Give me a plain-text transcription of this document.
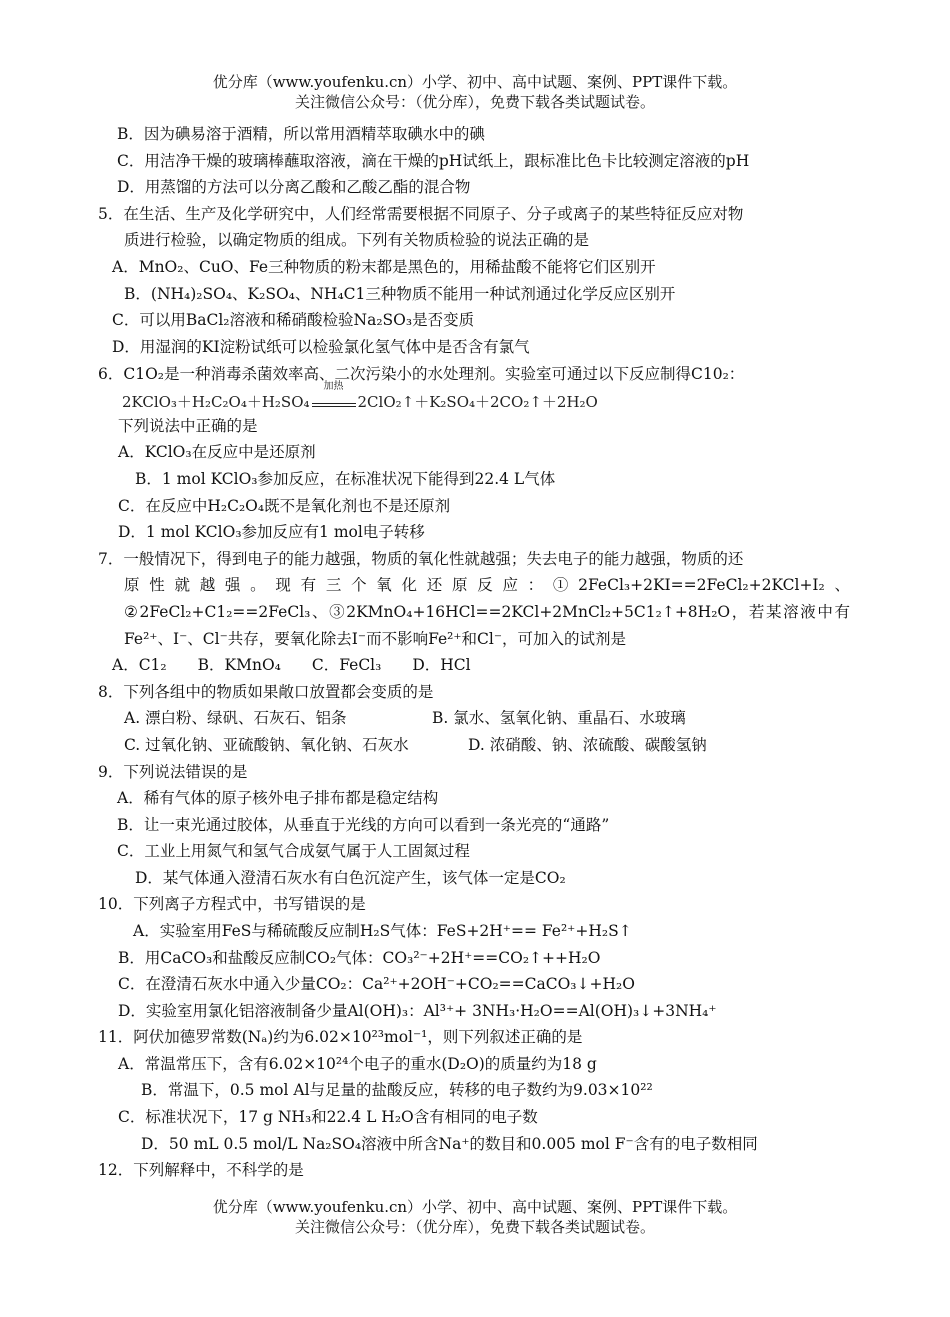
优分库（www.youfenku.cn）小学、初中、高中试题、案例、PPT课件下载。
关注微信公众号：（优分库），免费下载各类试题试卷。
B．因为碘易溶于酒精，所以常用酒精萃取碘水中的碘
C．用洁净干燥的玻璃棒蘸取溶液，滴在干燥的pH试纸上，跟标准比色卡比较测定溶液的pH
D．用蒸馏的方法可以分离乙酸和乙酸乙酯的混合物
5．在生活、生产及化学研究中，人们经常需要根据不同原子、分子或离子的某些特征反应对物
质进行检验，以确定物质的组成。下列有关物质检验的说法正确的是
A．MnO₂、CuO、Fe三种物质的粉末都是黑色的，用稀盐酸不能将它们区别开
B．(NH₄)₂SO₄、K₂SO₄、NH₄C1三种物质不能用一种试剂通过化学反应区别开
C．可以用BaCl₂溶液和稀硝酸检验Na₂SO₃是否变质
D．用湿润的KI淀粉试纸可以检验氯化氢气体中是否含有氯气
6．C1O₂是一种消毒杀菌效率高、二次污染小的水处理剂。实验室可通过以下反应制得C10₂：
2KClO₃＋H₂C₂O₄＋H₂SO₄
加热
2ClO₂↑＋K₂SO₄＋2CO₂↑＋2H₂O
下列说法中正确的是
A．KClO₃在反应中是还原剂
B．1 mol KClO₃参加反应，在标准状况下能得到22.4 L气体
C．在反应中H₂C₂O₄既不是氧化剂也不是还原剂
D．1 mol KClO₃参加反应有1 mol电子转移
7．一般情况下，得到电子的能力越强，物质的氧化性就越强；失去电子的能力越强，物质的还
原性就越强。现有三个氧化还原反应：①2FeCl₃+2KI==2FeCl₂+2KCl+I₂、
②2FeCl₂+C1₂==2FeCl₃、③2KMnO₄+16HCl==2KCl+2MnCl₂+5C1₂↑+8H₂O，若某溶液中有
Fe²⁺、I⁻、Cl⁻共存，要氧化除去I⁻而不影响Fe²⁺和Cl⁻，可加入的试剂是
A．C1₂　　B．KMnO₄　　C．FeCl₃　　D．HCl
8．下列各组中的物质如果敞口放置都会变质的是
A. 漂白粉、绿矾、石灰石、铝条	B. 氯水、氢氧化钠、重晶石、水玻璃
C. 过氧化钠、亚硫酸钠、氧化钠、石灰水	D. 浓硝酸、钠、浓硫酸、碳酸氢钠
9．下列说法错误的是
A．稀有气体的原子核外电子排布都是稳定结构
B．让一束光通过胶体，从垂直于光线的方向可以看到一条光亮的“通路”
C．工业上用氮气和氢气合成氨气属于人工固氮过程
D．某气体通入澄清石灰水有白色沉淀产生，该气体一定是CO₂
10．下列离子方程式中，书写错误的是
A．实验室用FeS与稀硫酸反应制H₂S气体：FeS+2H⁺== Fe²⁺+H₂S↑
B．用CaCO₃和盐酸反应制CO₂气体：CO₃²⁻+2H⁺==CO₂↑++H₂O
C．在澄清石灰水中通入少量CO₂：Ca²⁺+2OH⁻+CO₂==CaCO₃↓+H₂O
D．实验室用氯化铝溶液制备少量Al(OH)₃：Al³⁺+ 3NH₃·H₂O==Al(OH)₃↓+3NH₄⁺
11．阿伏加德罗常数(Nₐ)约为6.02×10²³mol⁻¹，则下列叙述正确的是
A．常温常压下，含有6.02×10²⁴个电子的重水(D₂O)的质量约为18 g
B．常温下，0.5 mol Al与足量的盐酸反应，转移的电子数约为9.03×10²²
C．标准状况下，17 g NH₃和22.4 L H₂O含有相同的电子数
D．50 mL 0.5 mol/L Na₂SO₄溶液中所含Na⁺的数目和0.005 mol F⁻含有的电子数相同
12．下列解释中，不科学的是
优分库（www.youfenku.cn）小学、初中、高中试题、案例、PPT课件下载。
关注微信公众号：（优分库），免费下载各类试题试卷。
